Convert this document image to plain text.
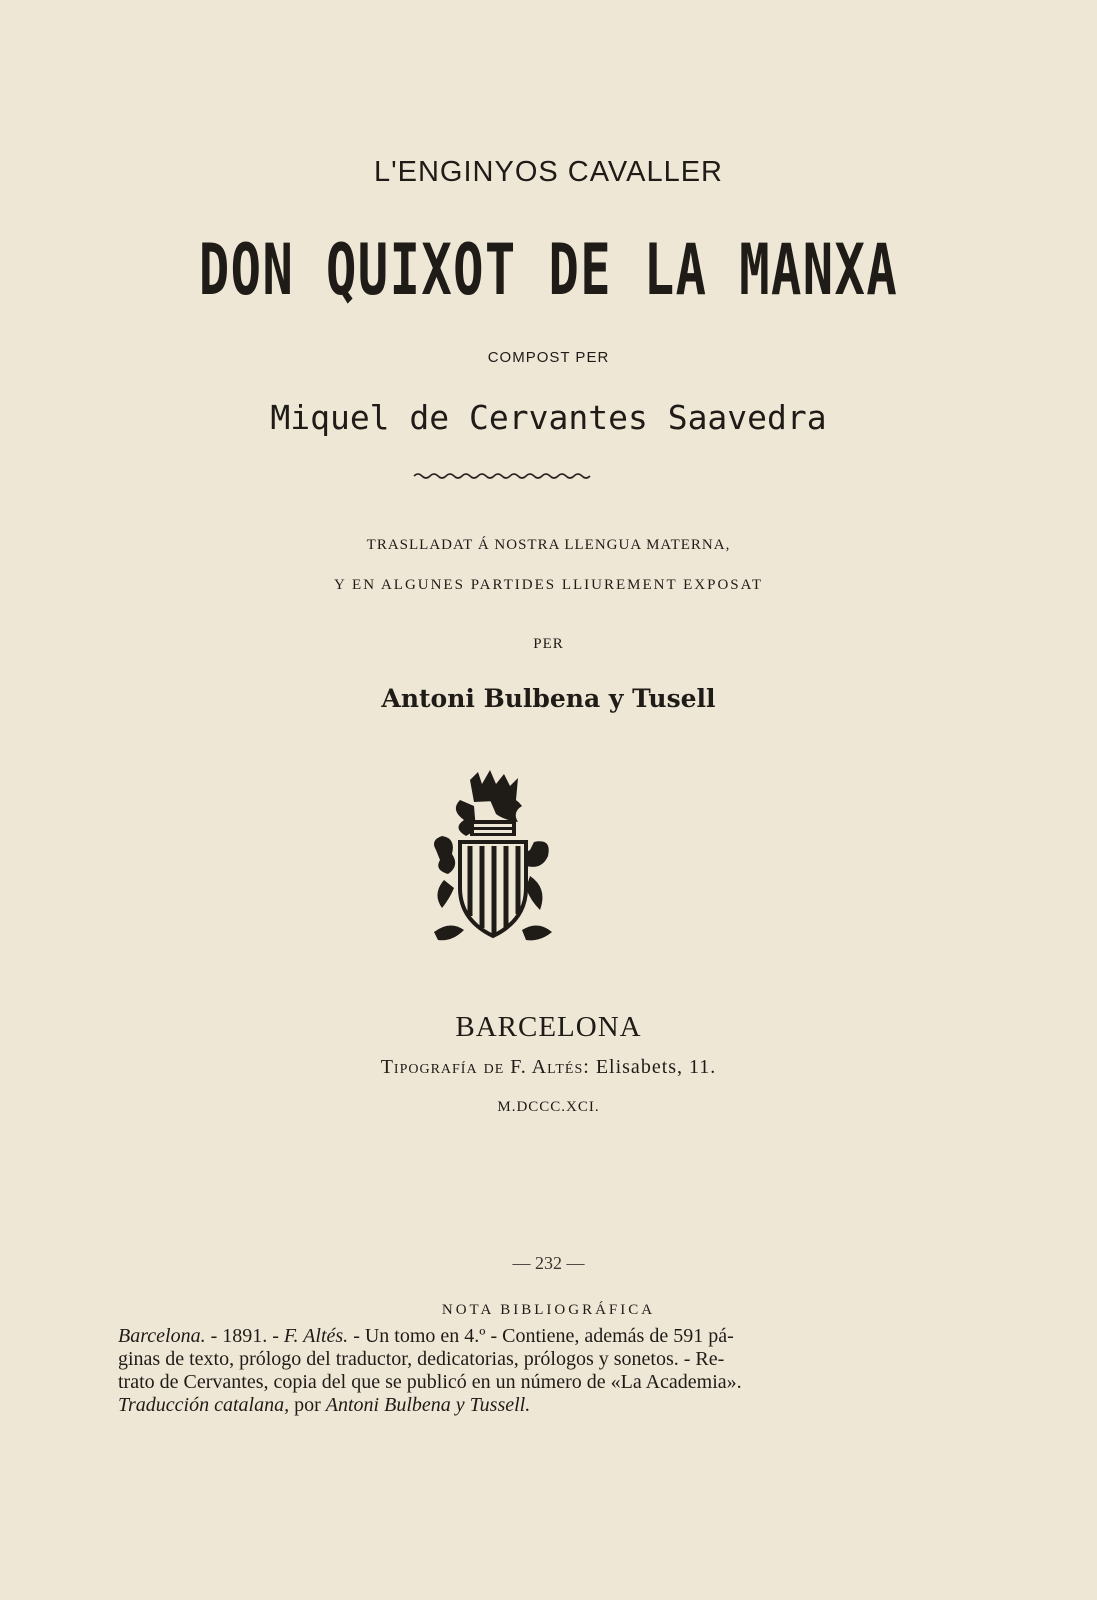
L'ENGINYOS CAVALLER
DON QUIXOT DE LA MANXA
COMPOST PER
Miquel de Cervantes Saavedra
TRASLLADAT Á NOSTRA LLENGUA MATERNA,
Y EN ALGUNES PARTIDES LLIUREMENT EXPOSAT
PER
Antoni Bulbena y Tusell
BARCELONA
Tipografía de F. Altés: Elisabets, 11.
M.DCCC.XCI.
— 232 —
NOTA BIBLIOGRÁFICA

Barcelona. - 1891. - F. Altés. - Un tomo en 4.º - Contiene, además de 591 pá-

ginas de texto, prólogo del traductor, dedicatorias, prólogos y sonetos. - Re-

trato de Cervantes, copia del que se publicó en un número de «La Academia».

Traducción catalana, por Antoni Bulbena y Tussell.
